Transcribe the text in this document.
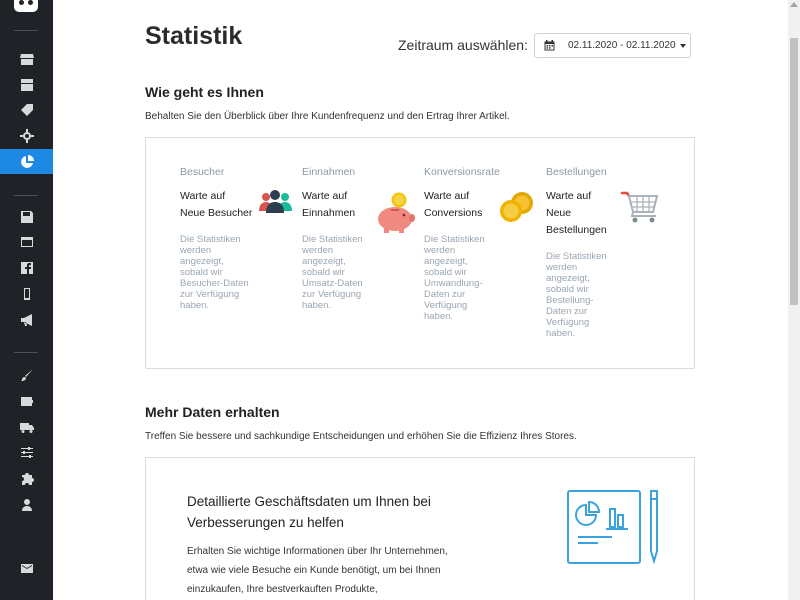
Statistik	Zeitraum auswählen:	02.11.2020 - 02.11.2020
Wie geht es Ihnen

Behalten Sie den Überblick über Ihre Kundenfrequenz und den Ertrag Ihrer Artikel.

Besucher
Warte auf
Neue Besucher
Die Statistiken
werden
angezeigt,
sobald wir
Besucher-Daten
zur Verfügung
haben.
Einnahmen
Warte auf
Einnahmen
Die Statistiken
werden
angezeigt,
sobald wir
Umsatz-Daten
zur Verfügung
haben.
Konversionsrate
Warte auf
Conversions
Die Statistiken
werden
angezeigt,
sobald wir
Umwandlung-
Daten zur
Verfügung
haben.
Bestellungen
Warte auf
Neue
Bestellungen
Die Statistiken
werden
angezeigt,
sobald wir
Bestellung-
Daten zur
Verfügung
haben.
Mehr Daten erhalten

Treffen Sie bessere und sachkundige Entscheidungen und erhöhen Sie die Effizienz Ihres Stores.

Detaillierte Geschäftsdaten um Ihnen bei
Verbesserungen zu helfen
Erhalten Sie wichtige Informationen über Ihr Unternehmen,
etwa wie viele Besuche ein Kunde benötigt, um bei Ihnen
einzukaufen, Ihre bestverkauften Produkte,
